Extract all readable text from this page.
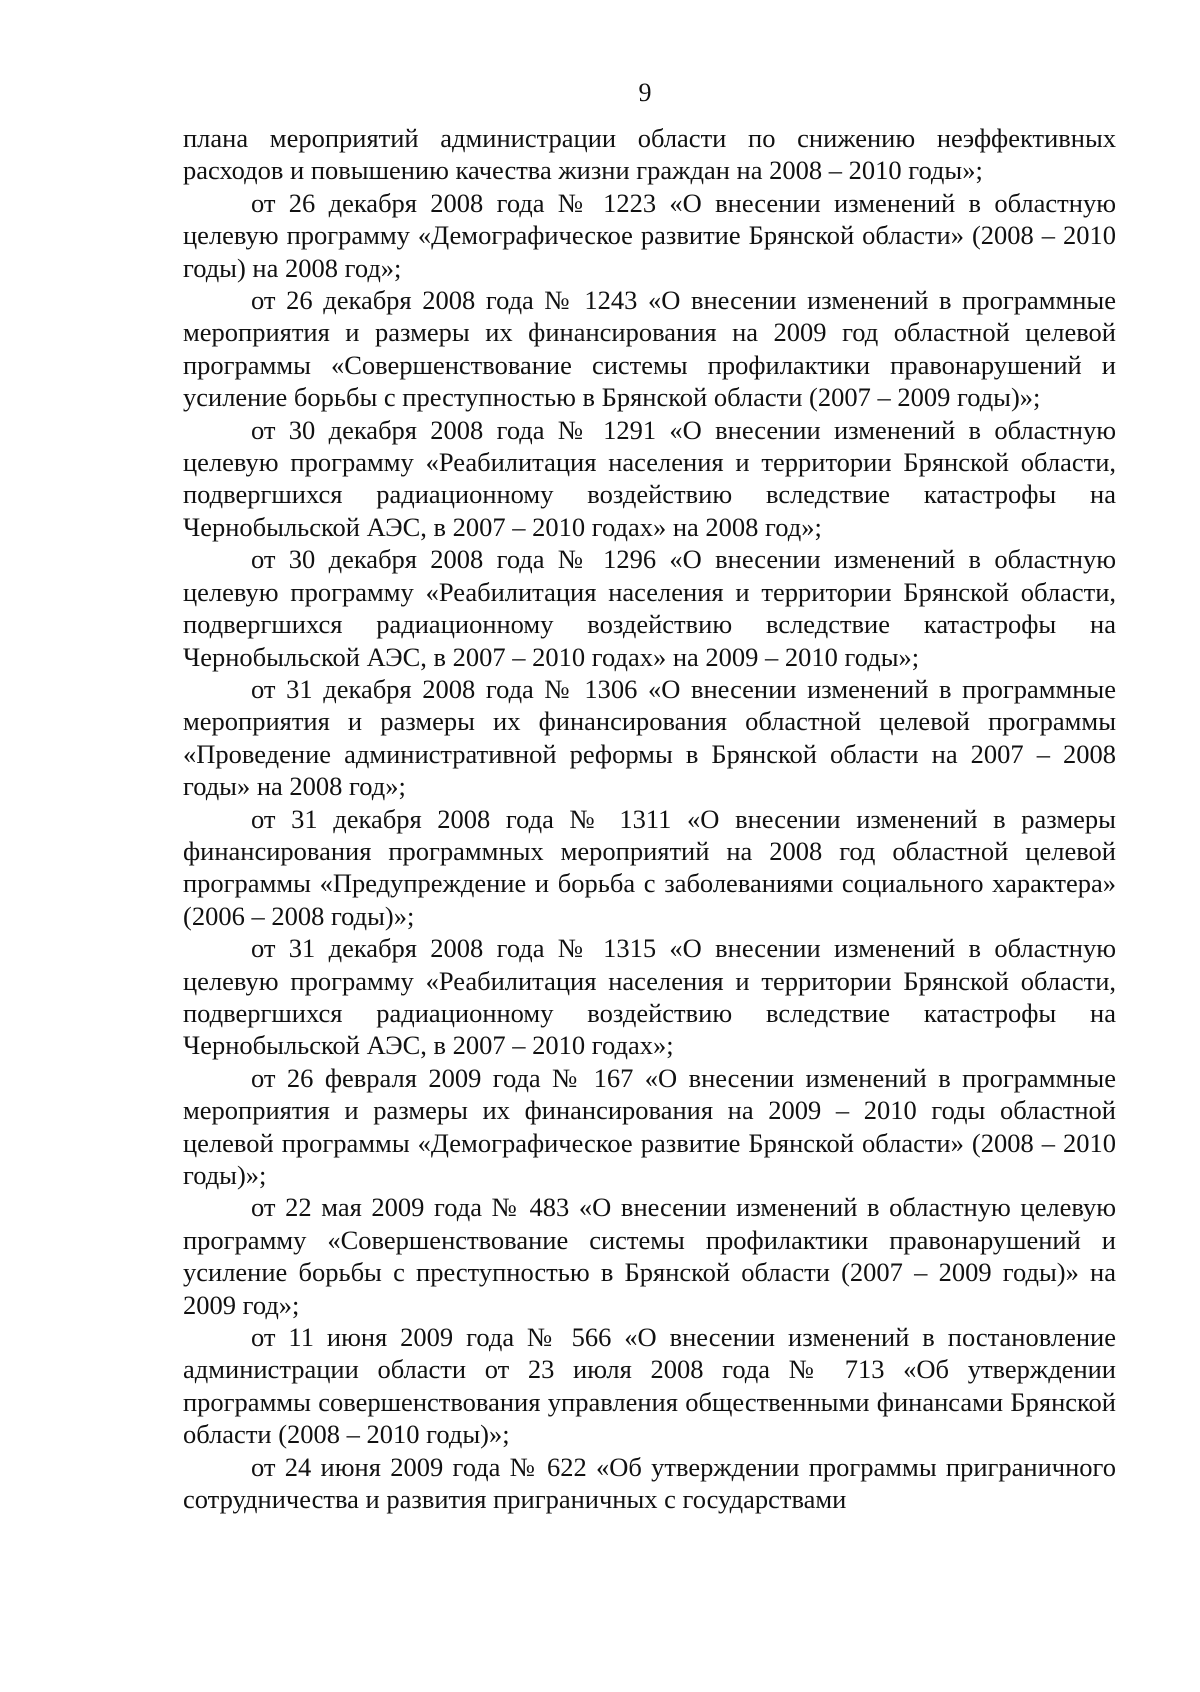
9

плана мероприятий администрации области по снижению неэффективных расходов и повышению качества жизни граждан на 2008 – 2010 годы»;

от 26 декабря 2008 года № 1223 «О внесении изменений в областную целевую программу «Демографическое развитие Брянской области» (2008 – 2010 годы) на 2008 год»;

от 26 декабря 2008 года № 1243 «О внесении изменений в программные мероприятия и размеры их финансирования на 2009 год областной целевой программы «Совершенствование системы профилактики правонарушений и усиление борьбы с преступностью в Брянской области (2007 – 2009 годы)»;

от 30 декабря 2008 года № 1291 «О внесении изменений в областную целевую программу «Реабилитация населения и территории Брянской области, подвергшихся радиационному воздействию вследствие катастрофы на Чернобыльской АЭС, в 2007 – 2010 годах» на 2008 год»;

от 30 декабря 2008 года № 1296 «О внесении изменений в областную целевую программу «Реабилитация населения и территории Брянской области, подвергшихся радиационному воздействию вследствие катастрофы на Чернобыльской АЭС, в 2007 – 2010 годах» на 2009 – 2010 годы»;

от 31 декабря 2008 года № 1306 «О внесении изменений в программные мероприятия и размеры их финансирования областной целевой программы «Проведение административной реформы в Брянской области на 2007 – 2008 годы» на 2008 год»;

от 31 декабря 2008 года № 1311 «О внесении изменений в размеры финансирования программных мероприятий на 2008 год областной целевой программы «Предупреждение и борьба с заболеваниями социального характера» (2006 – 2008 годы)»;

от 31 декабря 2008 года № 1315 «О внесении изменений в областную целевую программу «Реабилитация населения и территории Брянской области, подвергшихся радиационному воздействию вследствие катастрофы на Чернобыльской АЭС, в 2007 – 2010 годах»;

от 26 февраля 2009 года № 167 «О внесении изменений в программные мероприятия и размеры их финансирования на 2009 – 2010 годы областной целевой программы «Демографическое развитие Брянской области» (2008 – 2010 годы)»;

от 22 мая 2009 года № 483 «О внесении изменений в областную целевую программу «Совершенствование системы профилактики правонарушений и усиление борьбы с преступностью в Брянской области (2007 – 2009 годы)» на 2009 год»;

от 11 июня 2009 года № 566 «О внесении изменений в постановление администрации области от 23 июля 2008 года № 713 «Об утверждении программы совершенствования управления общественными финансами Брянской области (2008 – 2010 годы)»;

от 24 июня 2009 года № 622 «Об утверждении программы приграничного сотрудничества и развития приграничных с государствами
